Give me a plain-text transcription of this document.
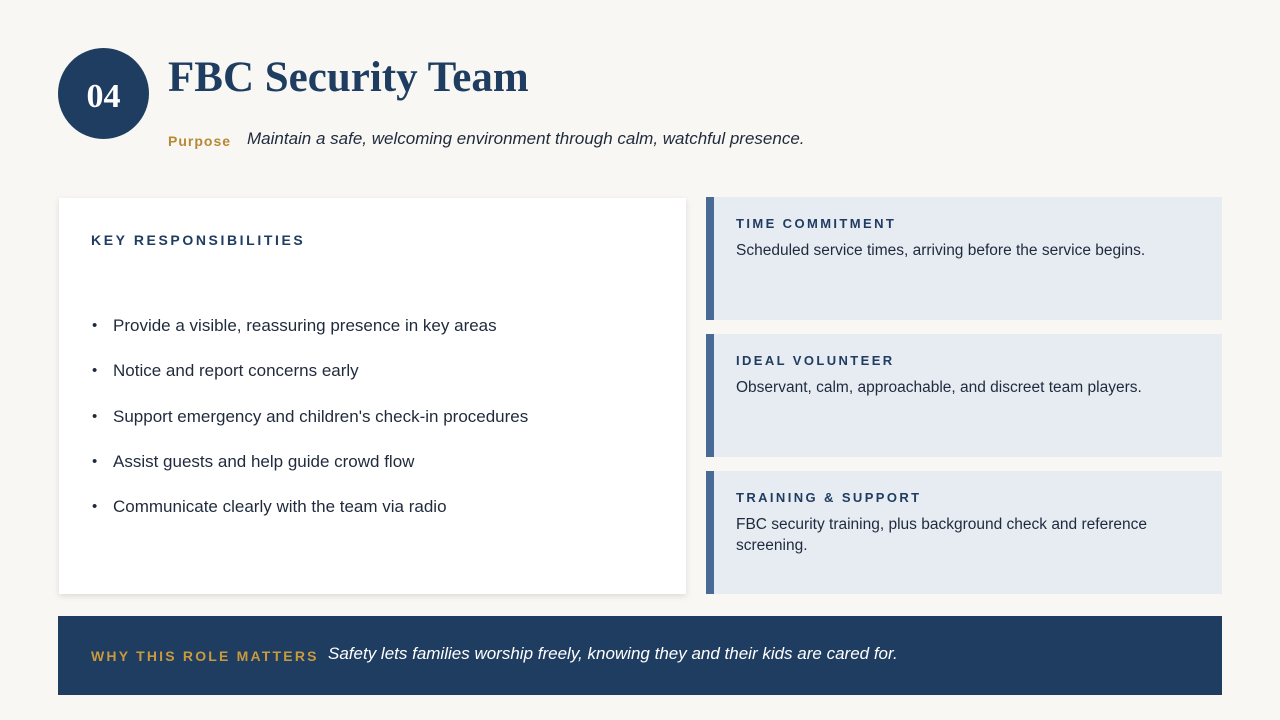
04 FBC Security Team
Purpose Maintain a safe, welcoming environment through calm, watchful presence.
KEY RESPONSIBILITIES
• Provide a visible, reassuring presence in key areas
• Notice and report concerns early
• Support emergency and children's check-in procedures
• Assist guests and help guide crowd flow
• Communicate clearly with the team via radio
TIME COMMITMENT
Scheduled service times, arriving before the service begins.
IDEAL VOLUNTEER
Observant, calm, approachable, and discreet team players.
TRAINING & SUPPORT
FBC security training, plus background check and reference screening.
WHY THIS ROLE MATTERS Safety lets families worship freely, knowing they and their kids are cared for.
